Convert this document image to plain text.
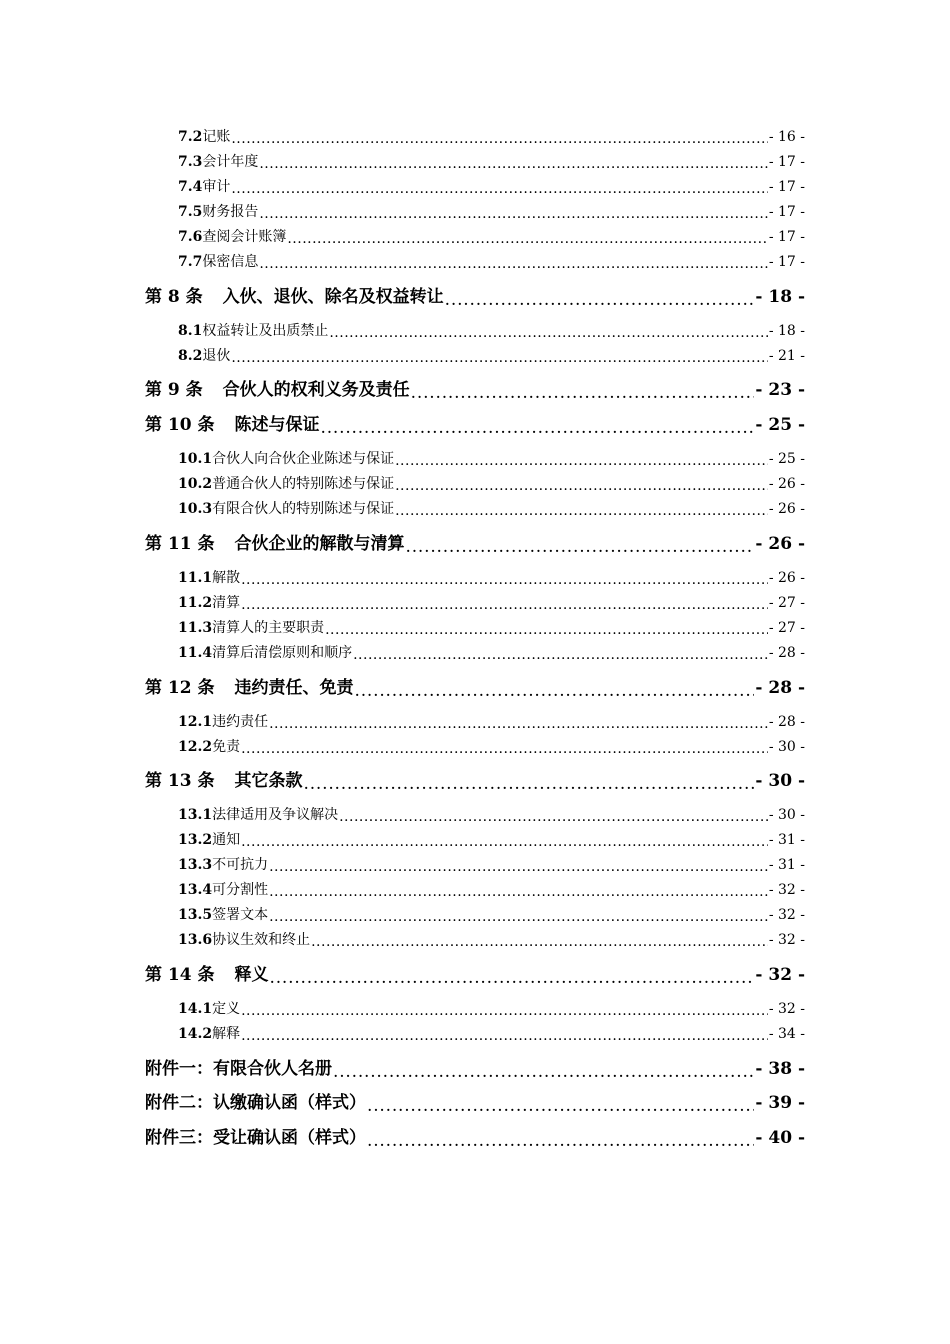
7.2 记账 .....	- 16 -
7.3 会计年度 .....	- 17 -
7.4 审计 .....	- 17 -
7.5 财务报告 .....	- 17 -
7.6 查阅会计账簿 .....	- 17 -
7.7 保密信息 .....	- 17 -
第 8 条 入伙、退伙、除名及权益转让 .....	- 18 -
8.1 权益转让及出质禁止 .....	- 18 -
8.2 退伙 .....	- 21 -
第 9 条 合伙人的权利义务及责任 .....	- 23 -
第 10 条 陈述与保证 .....	- 25 -
10.1 合伙人向合伙企业陈述与保证 .....	- 25 -
10.2 普通合伙人的特别陈述与保证 .....	- 26 -
10.3 有限合伙人的特别陈述与保证 .....	- 26 -
第 11 条 合伙企业的解散与清算 .....	- 26 -
11.1 解散 .....	- 26 -
11.2 清算 .....	- 27 -
11.3 清算人的主要职责 .....	- 27 -
11.4 清算后清偿原则和顺序 .....	- 28 -
第 12 条 违约责任、免责 .....	- 28 -
12.1 违约责任 .....	- 28 -
12.2 免责 .....	- 30 -
第 13 条 其它条款 .....	- 30 -
13.1 法律适用及争议解决 .....	- 30 -
13.2 通知 .....	- 31 -
13.3 不可抗力 .....	- 31 -
13.4 可分割性 .....	- 32 -
13.5 签署文本 .....	- 32 -
13.6 协议生效和终止 .....	- 32 -
第 14 条 释义 .....	- 32 -
14.1 定义 .....	- 32 -
14.2 解释 .....	- 34 -
附件一：有限合伙人名册 .....	- 38 -
附件二：认缴确认函（样式） .....	- 39 -
附件三：受让确认函（样式） .....	- 40 -
